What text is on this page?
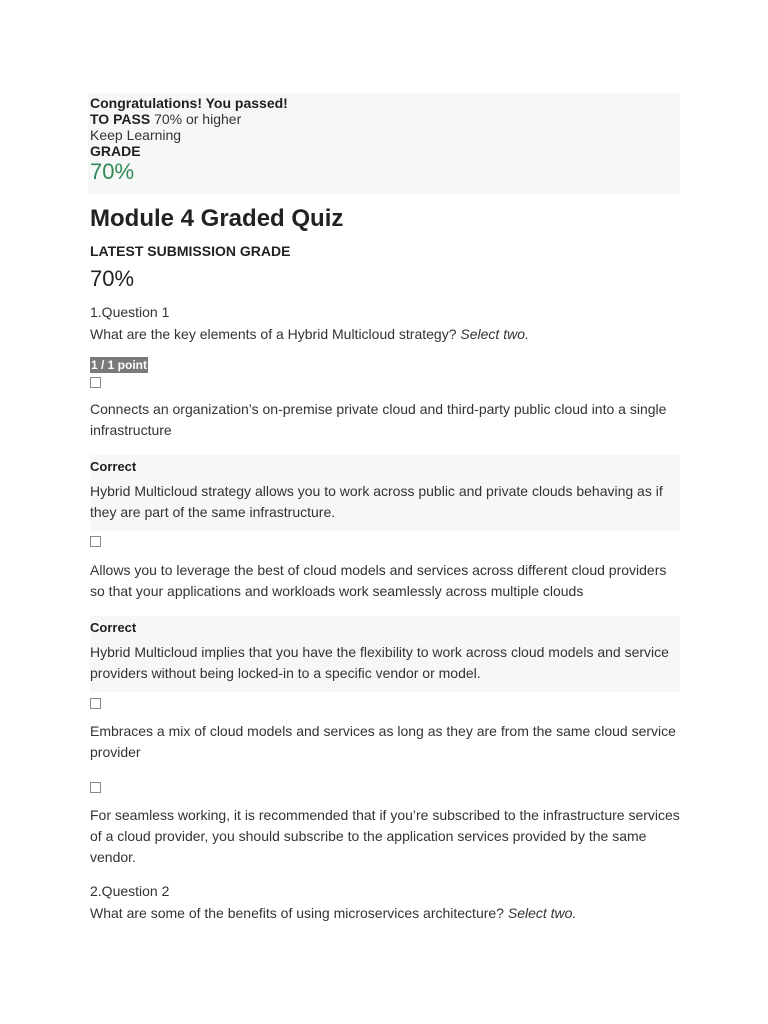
Congratulations! You passed!
TO PASS 70% or higher
Keep Learning
GRADE
70%
Module 4 Graded Quiz
LATEST SUBMISSION GRADE
70%
1.Question 1
What are the key elements of a Hybrid Multicloud strategy? Select two.
1 / 1 point
Connects an organization’s on-premise private cloud and third-party public cloud into a single infrastructure
Correct
Hybrid Multicloud strategy allows you to work across public and private clouds behaving as if they are part of the same infrastructure.
Allows you to leverage the best of cloud models and services across different cloud providers so that your applications and workloads work seamlessly across multiple clouds
Correct
Hybrid Multicloud implies that you have the flexibility to work across cloud models and service providers without being locked-in to a specific vendor or model.
Embraces a mix of cloud models and services as long as they are from the same cloud service provider
For seamless working, it is recommended that if you’re subscribed to the infrastructure services of a cloud provider, you should subscribe to the application services provided by the same vendor.
2.Question 2
What are some of the benefits of using microservices architecture? Select two.
